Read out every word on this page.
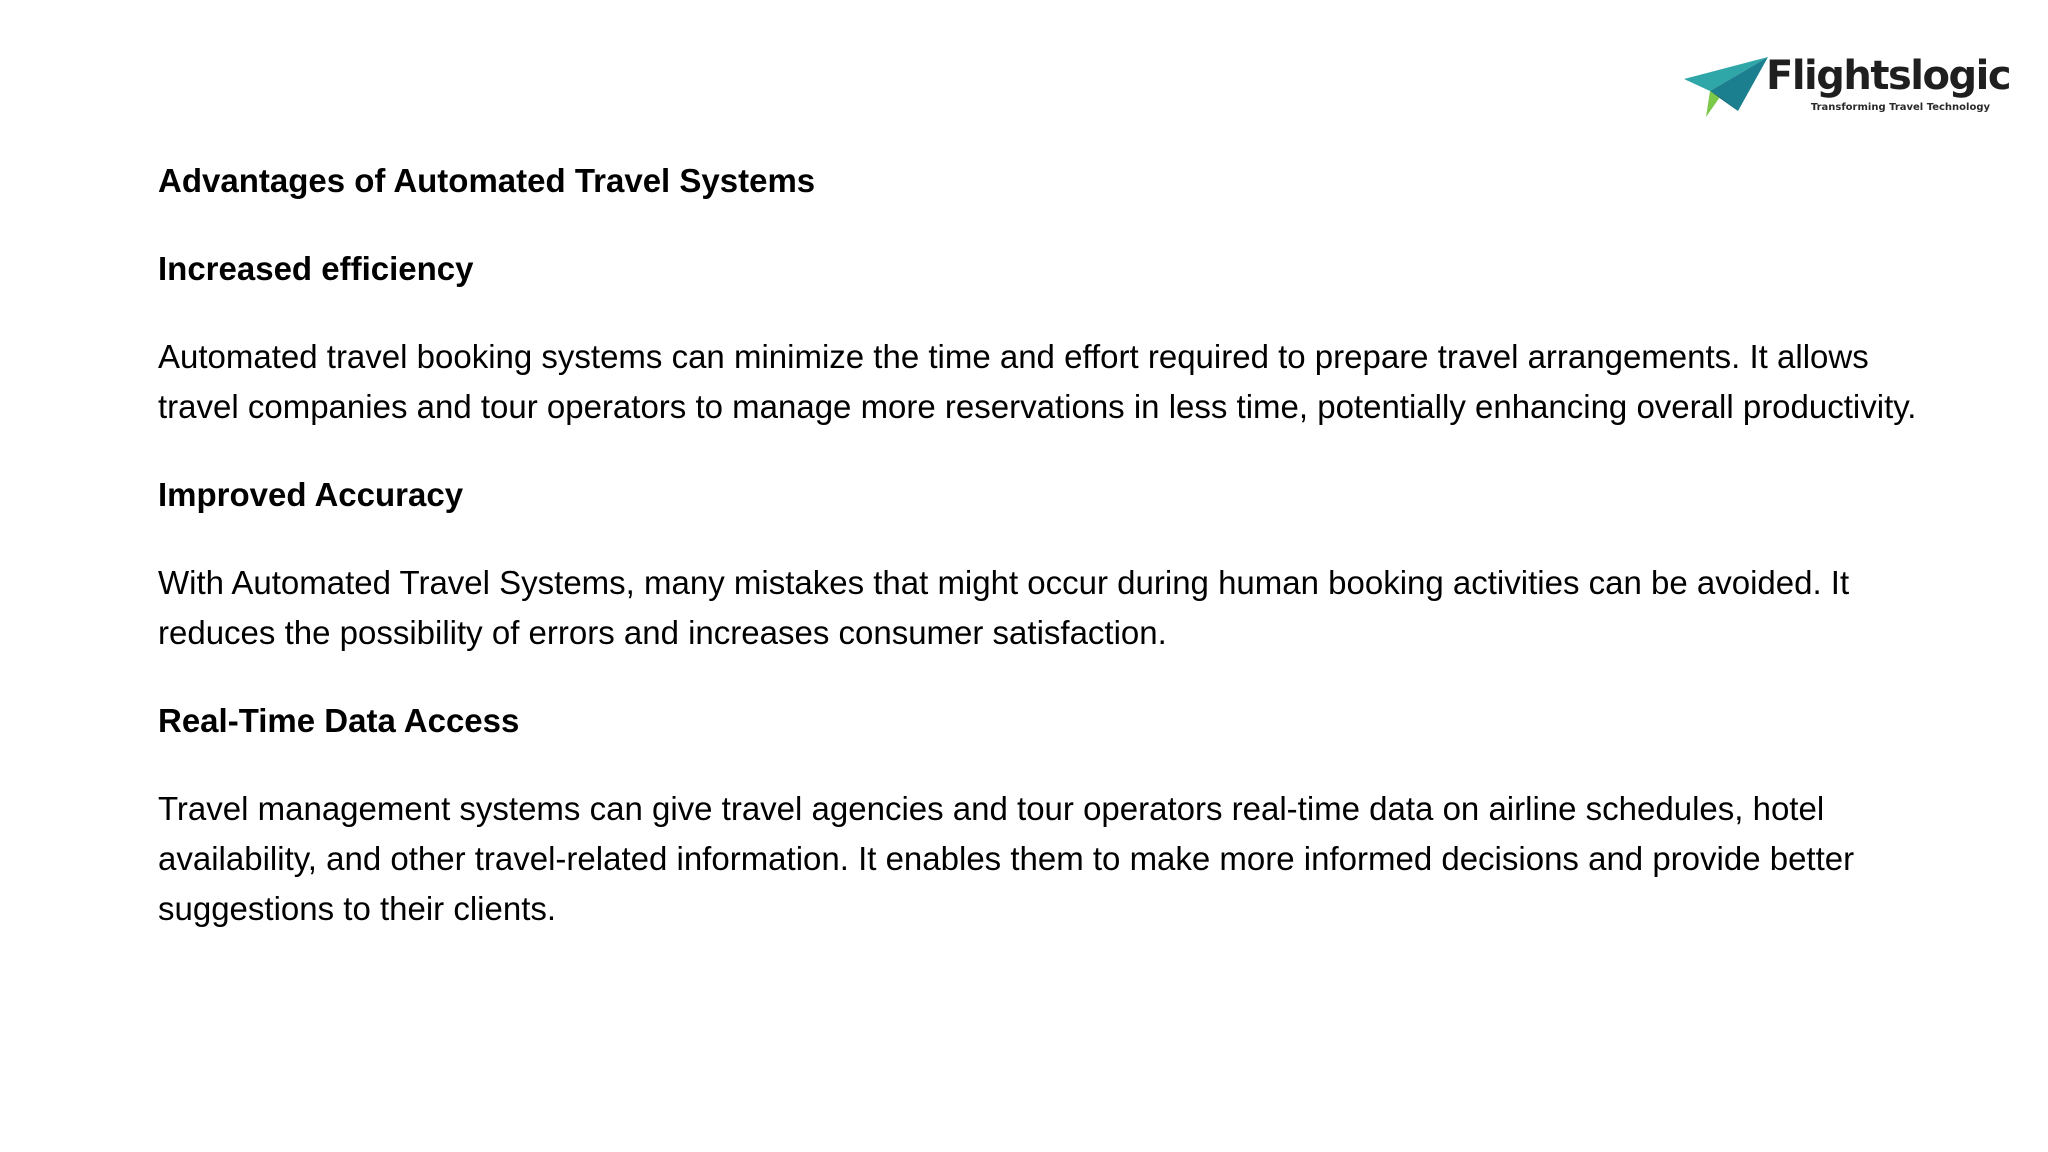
Flightslogic
Transforming Travel Technology
Advantages of Automated Travel Systems
Increased efficiency

Automated travel booking systems can minimize the time and effort required to prepare travel arrangements. It allows travel companies and tour operators to manage more reservations in less time, potentially enhancing overall productivity.

Improved Accuracy

With Automated Travel Systems, many mistakes that might occur during human booking activities can be avoided. It reduces the possibility of errors and increases consumer satisfaction.

Real-Time Data Access

Travel management systems can give travel agencies and tour operators real-time data on airline schedules, hotel availability, and other travel-related information. It enables them to make more informed decisions and provide better suggestions to their clients.
